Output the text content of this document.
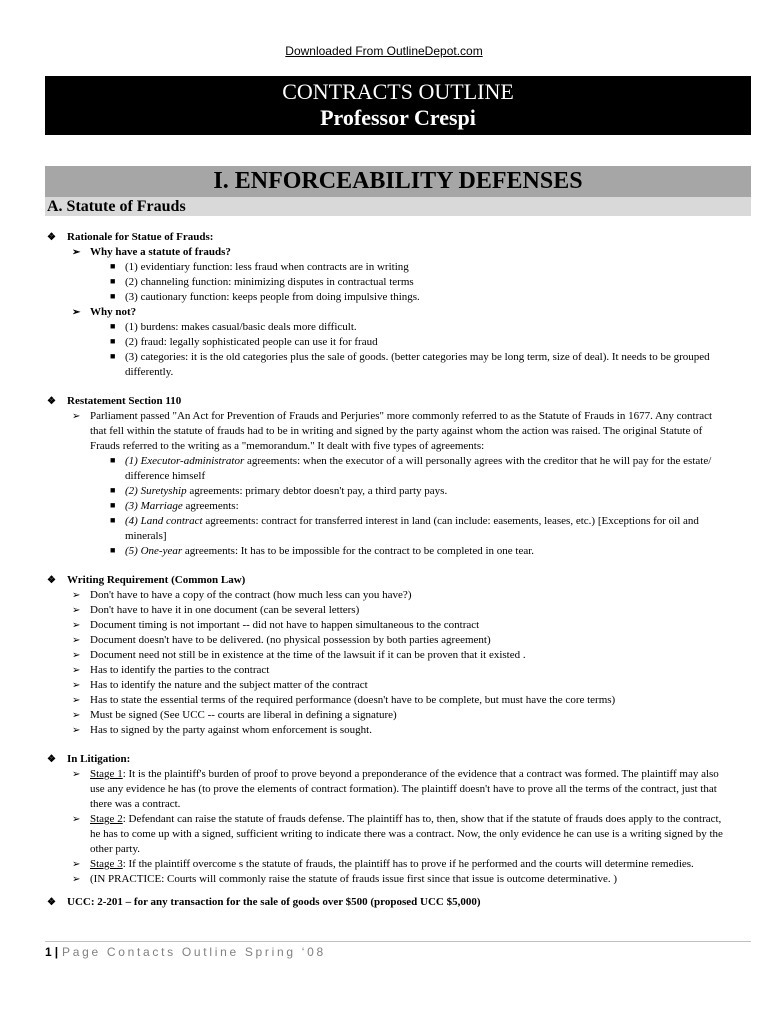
Downloaded From OutlineDepot.com
CONTRACTS OUTLINE
Professor Crespi
I. ENFORCEABILITY DEFENSES
A. Statute of Frauds
❖ Rationale for Statue of Frauds:
➢ Why have a statute of frauds?
■ (1) evidentiary function: less fraud when contracts are in writing
■ (2) channeling function: minimizing disputes in contractual terms
■ (3) cautionary function: keeps people from doing impulsive things.
➢ Why not?
■ (1) burdens: makes casual/basic deals more difficult.
■ (2) fraud: legally sophisticated people can use it for fraud
■ (3) categories: it is the old categories plus the sale of goods. (better categories may be long term, size of deal). It needs to be grouped differently.
❖ Restatement Section 110
➢ Parliament passed "An Act for Prevention of Frauds and Perjuries" more commonly referred to as the Statute of Frauds in 1677. Any contract that fell within the statute of frauds had to be in writing and signed by the party against whom the action was raised. The original Statute of Frauds referred to the writing as a "memorandum." It dealt with five types of agreements:
■ (1) Executor-administrator agreements: when the executor of a will personally agrees with the creditor that he will pay for the estate/ difference himself
■ (2) Suretyship agreements: primary debtor doesn't pay, a third party pays.
■ (3) Marriage agreements:
■ (4) Land contract agreements: contract for transferred interest in land (can include: easements, leases, etc.) [Exceptions for oil and minerals]
■ (5) One-year agreements: It has to be impossible for the contract to be completed in one tear.
❖ Writing Requirement (Common Law)
➢ Don't have to have a copy of the contract (how much less can you have?)
➢ Don't have to have it in one document (can be several letters)
➢ Document timing is not important -- did not have to happen simultaneous to the contract
➢ Document doesn't have to be delivered. (no physical possession by both parties agreement)
➢ Document need not still be in existence at the time of the lawsuit if it can be proven that it existed .
➢ Has to identify the parties to the contract
➢ Has to identify the nature and the subject matter of the contract
➢ Has to state the essential terms of the required performance (doesn't have to be complete, but must have the core terms)
➢ Must be signed (See UCC -- courts are liberal in defining a signature)
➢ Has to signed by the party against whom enforcement is sought.
❖ In Litigation:
➢ Stage 1: It is the plaintiff's burden of proof to prove beyond a preponderance of the evidence that a contract was formed. The plaintiff may also use any evidence he has (to prove the elements of contract formation). The plaintiff doesn't have to prove all the terms of the contract, just that there was a contract.
➢ Stage 2: Defendant can raise the statute of frauds defense. The plaintiff has to, then, show that if the statute of frauds does apply to the contract, he has to come up with a signed, sufficient writing to indicate there was a contract. Now, the only evidence he can use is a writing signed by the other party.
➢ Stage 3: If the plaintiff overcome s the statute of frauds, the plaintiff has to prove if he performed and the courts will determine remedies.
➢ (IN PRACTICE: Courts will commonly raise the statute of frauds issue first since that issue is outcome determinative. )
❖ UCC: 2-201 – for any transaction for the sale of goods over $500 (proposed UCC $5,000)
1 | Page Contacts Outline Spring ‘08
